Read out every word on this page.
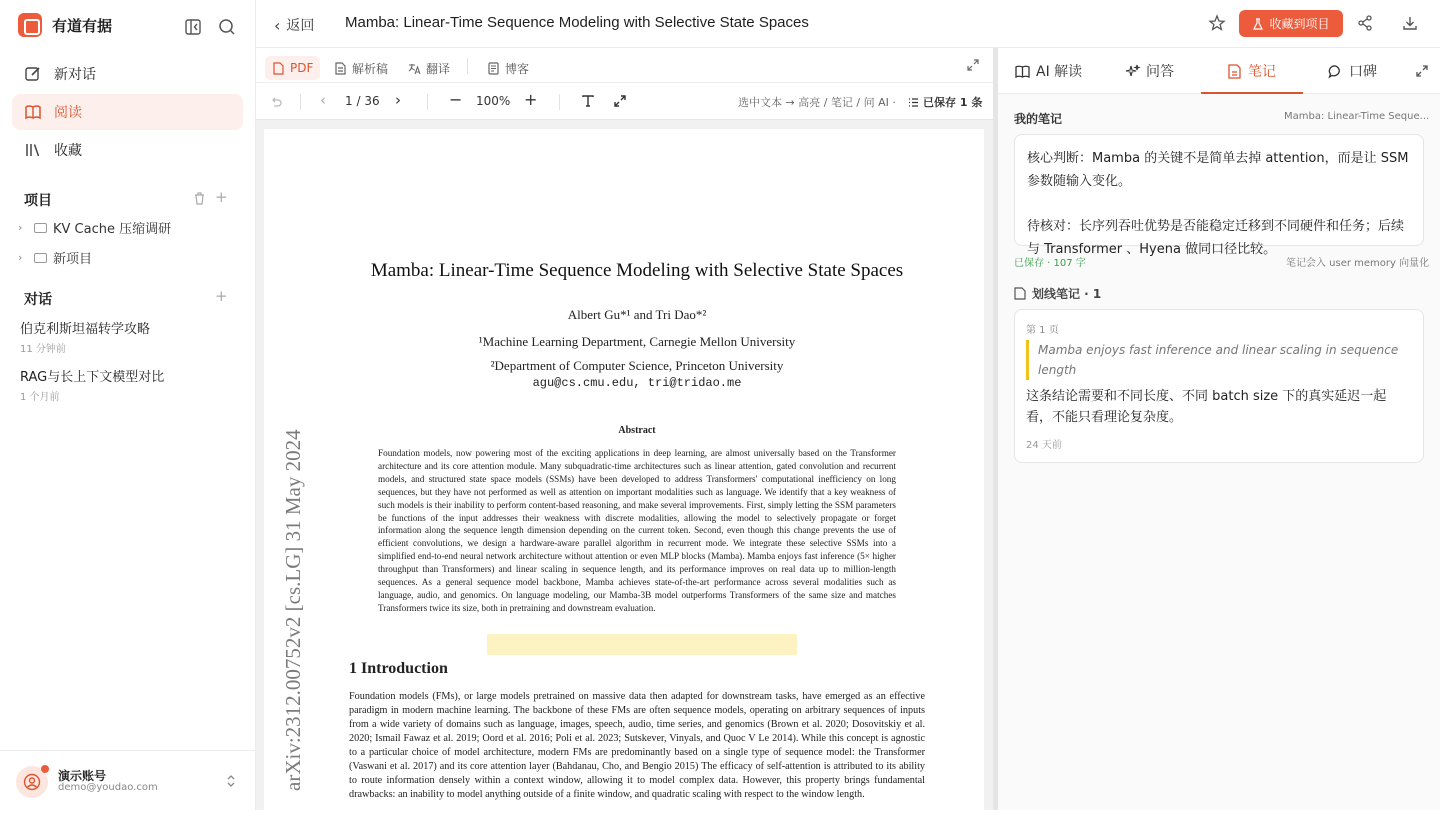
有道有据
新对话
阅读
收藏
项目	+
›	KV Cache 压缩调研
›	新项目
对话	+
伯克利斯坦福转学攻略
11 分钟前
RAG与长上下文模型对比
1 个月前
演示账号
demo@youdao.com
‹ 返回 Mamba: Linear-Time Sequence Modeling with Selective State Spaces	收藏到项目
PDF	解析稿	翻译	博客
‹ 1 / 36 ›	− 100% +	选中文本 → 高亮 / 笔记 / 问 AI · 已保存 1 条
arXiv:2312.00752v2 [cs.LG] 31 May 2024
Mamba: Linear-Time Sequence Modeling with Selective State Spaces
Albert Gu*¹ and Tri Dao*²
¹Machine Learning Department, Carnegie Mellon University
²Department of Computer Science, Princeton University
agu@cs.cmu.edu, tri@tridao.me
Abstract
Foundation models, now powering most of the exciting applications in deep learning, are almost universally based on the Transformer architecture and its core attention module. Many subquadratic-time architectures such as linear attention, gated convolution and recurrent models, and structured state space models (SSMs) have been developed to address Transformers' computational inefficiency on long sequences, but they have not performed as well as attention on important modalities such as language. We identify that a key weakness of such models is their inability to perform content-based reasoning, and make several improvements. First, simply letting the SSM parameters be functions of the input addresses their weakness with discrete modalities, allowing the model to selectively propagate or forget information along the sequence length dimension depending on the current token. Second, even though this change prevents the use of efficient convolutions, we design a hardware-aware parallel algorithm in recurrent mode. We integrate these selective SSMs into a simplified end-to-end neural network architecture without attention or even MLP blocks (Mamba). Mamba enjoys fast inference (5× higher throughput than Transformers) and linear scaling in sequence length, and its performance improves on real data up to million-length sequences. As a general sequence model backbone, Mamba achieves state-of-the-art performance across several modalities such as language, audio, and genomics. On language modeling, our Mamba-3B model outperforms Transformers of the same size and matches Transformers twice its size, both in pretraining and downstream evaluation.
1 Introduction
Foundation models (FMs), or large models pretrained on massive data then adapted for downstream tasks, have emerged as an effective paradigm in modern machine learning. The backbone of these FMs are often sequence models, operating on arbitrary sequences of inputs from a wide variety of domains such as language, images, speech, audio, time series, and genomics (Brown et al. 2020; Dosovitskiy et al. 2020; Ismail Fawaz et al. 2019; Oord et al. 2016; Poli et al. 2023; Sutskever, Vinyals, and Quoc V Le 2014). While this concept is agnostic to a particular choice of model architecture, modern FMs are predominantly based on a single type of sequence model: the Transformer (Vaswani et al. 2017) and its core attention layer (Bahdanau, Cho, and Bengio 2015) The efficacy of self-attention is attributed to its ability to route information densely within a context window, allowing it to model complex data. However, this property brings fundamental drawbacks: an inability to model anything outside of a finite window, and quadratic scaling with respect to the window length.
AI 解读	问答	笔记	口碑
我的笔记	Mamba: Linear-Time Seque...

核心判断：Mamba 的关键不是简单去掉 attention，而是让 SSM 参数随输入变化。

待核对：长序列吞吐优势是否能稳定迁移到不同硬件和任务；后续与 Transformer 、Hyena 做同口径比较。

已保存 · 107 字	笔记会入 user memory 向量化
划线笔记 · 1
第 1 页
Mamba enjoys fast inference and linear scaling in sequence length
这条结论需要和不同长度、不同 batch size 下的真实延迟一起看，不能只看理论复杂度。
24 天前
